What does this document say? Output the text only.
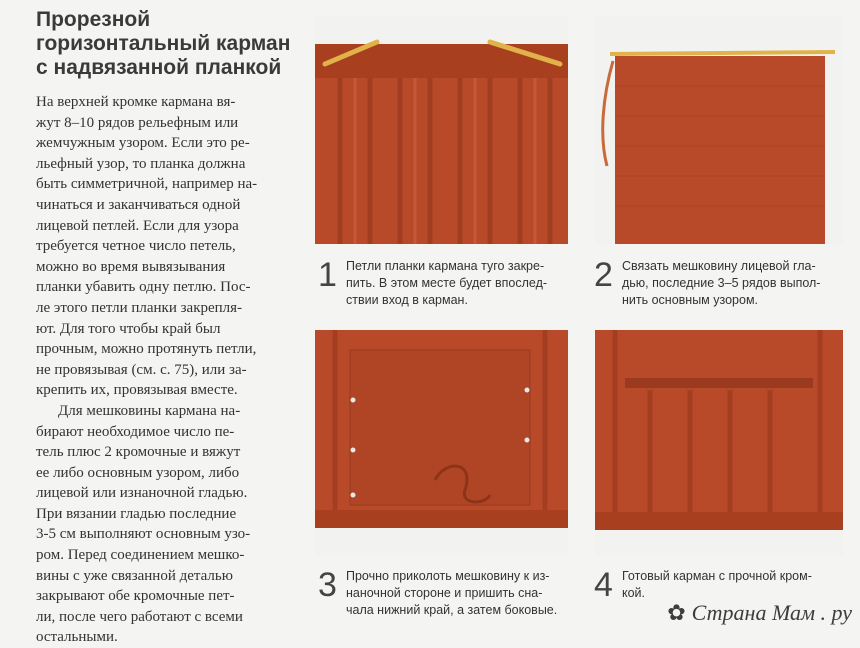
Прорезной
горизонтальный карман
с надвязанной планкой

На верхней кромке кармана вя-
жут 8–10 рядов рельефным или
жемчужным узором. Если это ре-
льефный узор, то планка должна
быть симметричной, например на-
чинаться и заканчиваться одной
лицевой петлей. Если для узора
требуется четное число петель,
можно во время вывязывания
планки убавить одну петлю. Пос-
ле этого петли планки закрепля-
ют. Для того чтобы край был
прочным, можно протянуть петли,
не провязывая (см. с. 75), или за-
крепить их, провязывая вместе.

Для мешковины кармана на-
бирают необходимое число пе-
тель плюс 2 кромочные и вяжут
ее либо основным узором, либо
лицевой или изнаночной гладью.
При вязании гладью последние
3-5 см выполняют основным узо-
ром. Перед соединением мешко-
вины с уже связанной деталью
закрывают обе кромочные пет-
ли, после чего работают с всеми
остальными.

1 Петли планки кармана туго закре-
пить. В этом месте будет впослед-
ствии вход в карман.
2 Связать мешковину лицевой гла-
дью, последние 3–5 рядов выпол-
нить основным узором.
3 Прочно приколоть мешковину к из-
наночной стороне и пришить сна-
чала нижний край, а затем боковые.
4 Готовый карман с прочной кром-
кой.
✿ Страна Мам . ру
